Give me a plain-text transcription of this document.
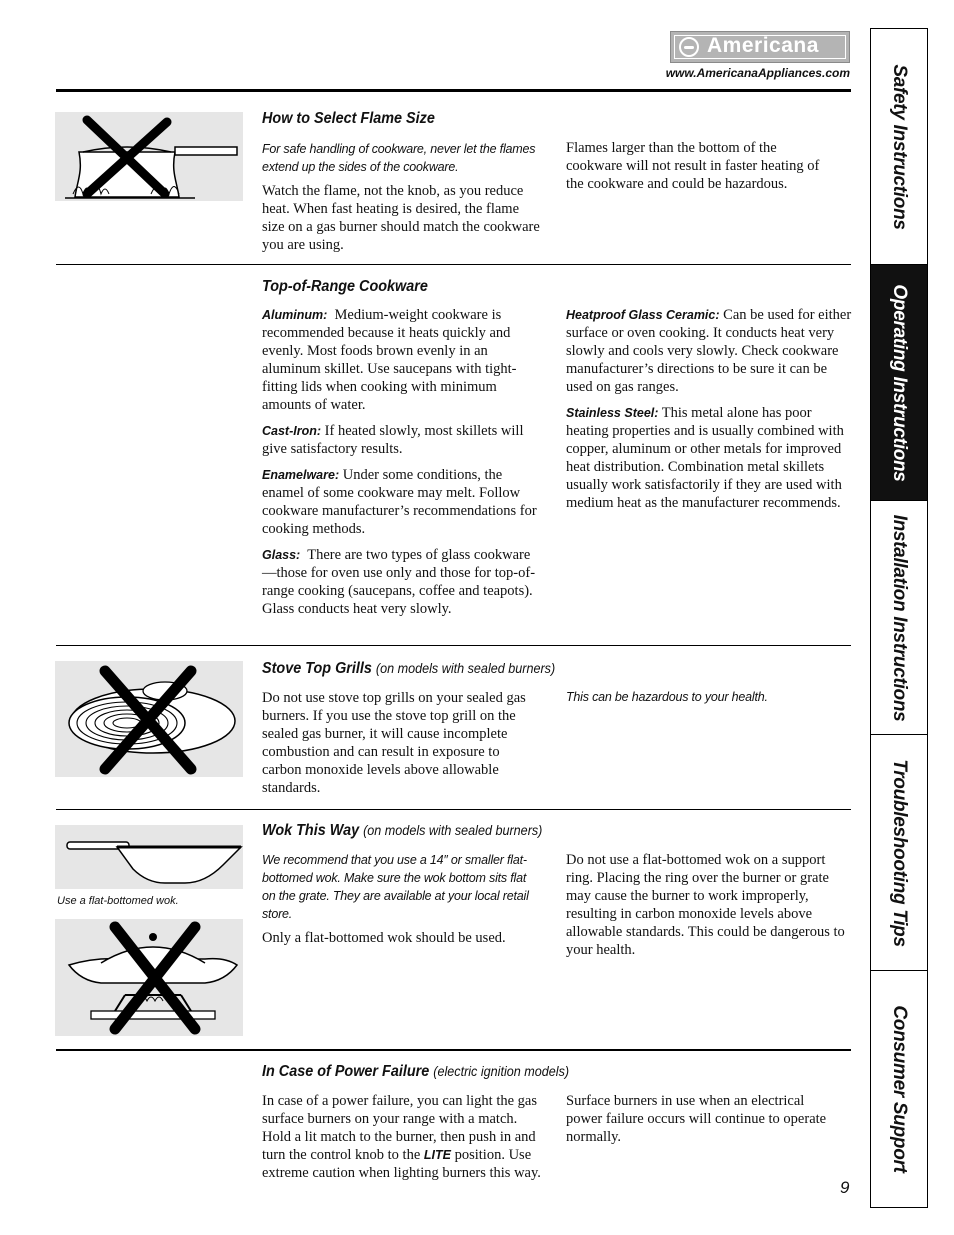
Americana
www.AmericanaAppliances.com Safety Instructions
Operating Instructions
Installation Instructions
Troubleshooting Tips
Consumer Support
How to Select Flame Size
For safe handling of cookware, never let the flames extend up the sides of the cookware.
Watch the flame, not the knob, as you reduce heat. When fast heating is desired, the flame size on a gas burner should match the cookware you are using.
Flames larger than the bottom of the cookware will not result in faster heating of the cookware and could be hazardous.
Top-of-Range Cookware

Aluminum: Medium-weight cookware is recommended because it heats quickly and evenly. Most foods brown evenly in an aluminum skillet. Use saucepans with tight-fitting lids when cooking with minimum amounts of water.

Cast-Iron: If heated slowly, most skillets will give satisfactory results.

Enamelware: Under some conditions, the enamel of some cookware may melt. Follow cookware manufacturer’s recommendations for cooking methods.

Glass: There are two types of glass cookware—those for oven use only and those for top-of-range cooking (saucepans, coffee and teapots). Glass conducts heat very slowly.

Heatproof Glass Ceramic: Can be used for either surface or oven cooking. It conducts heat very slowly and cools very slowly. Check cookware manufacturer’s directions to be sure it can be used on gas ranges.

Stainless Steel: This metal alone has poor heating properties and is usually combined with copper, aluminum or other metals for improved heat distribution. Combination metal skillets usually work satisfactorily if they are used with medium heat as the manufacturer recommends.

Stove Top Grills (on models with sealed burners)
Do not use stove top grills on your sealed gas burners. If you use the stove top grill on the sealed gas burner, it will cause incomplete combustion and can result in exposure to carbon monoxide levels above allowable standards.
This can be hazardous to your health.
Use a flat-bottomed wok.
Wok This Way (on models with sealed burners)
We recommend that you use a 14″ or smaller flat-bottomed wok. Make sure the wok bottom sits flat on the grate. They are available at your local retail store.
Only a flat-bottomed wok should be used.
Do not use a flat-bottomed wok on a support ring. Placing the ring over the burner or grate may cause the burner to work improperly, resulting in carbon monoxide levels above allowable standards. This could be dangerous to your health.
In Case of Power Failure (electric ignition models)
In case of a power failure, you can light the gas surface burners on your range with a match. Hold a lit match to the burner, then push in and turn the control knob to the LITE position. Use extreme caution when lighting burners this way.
Surface burners in use when an electrical power failure occurs will continue to operate normally.
9
